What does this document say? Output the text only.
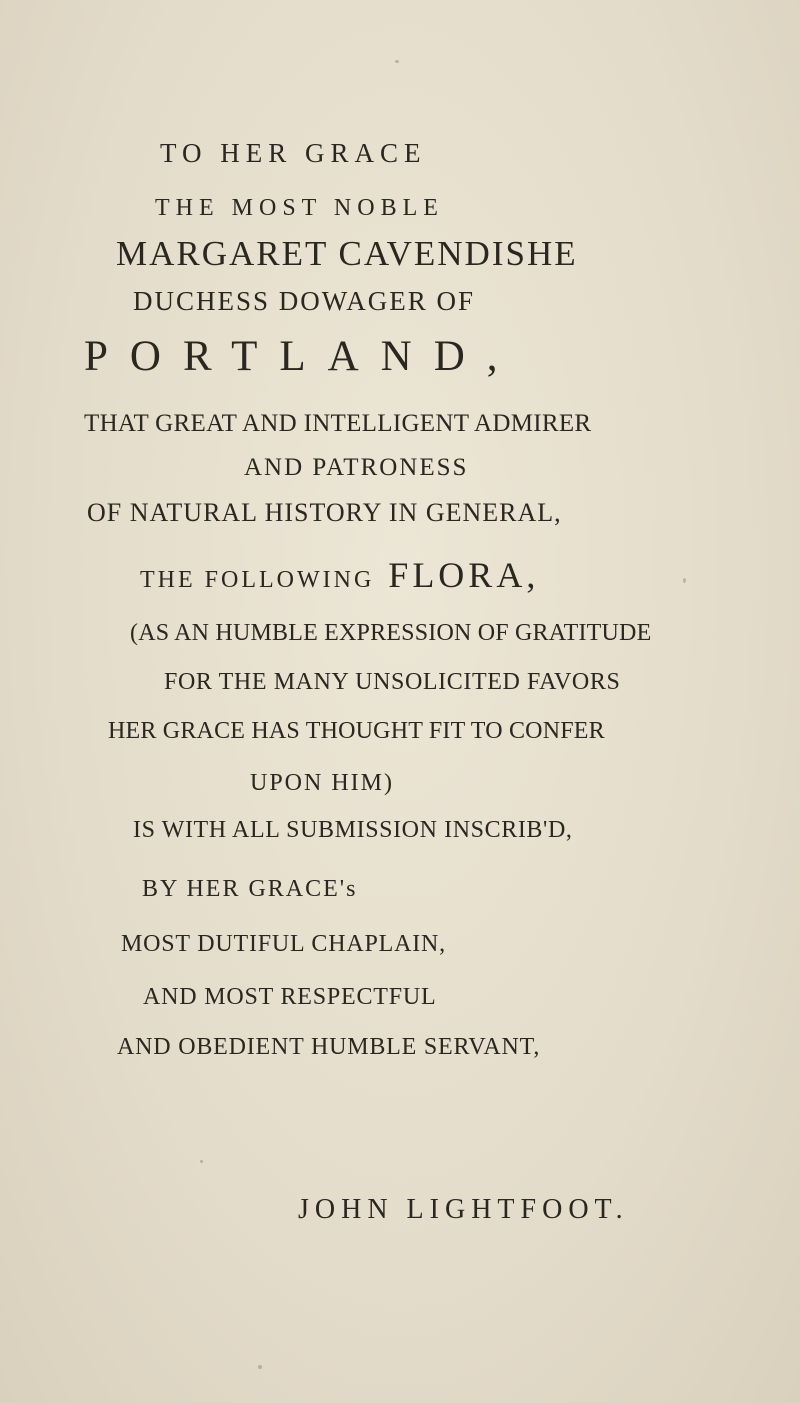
TO HER GRACE
THE MOST NOBLE
MARGARET CAVENDISHE
DUCHESS DOWAGER OF
PORTLAND,
THAT GREAT AND INTELLIGENT ADMIRER
AND PATRONESS
OF NATURAL HISTORY IN GENERAL,
THE FOLLOWING FLORA,
(AS AN HUMBLE EXPRESSION OF GRATITUDE
FOR THE MANY UNSOLICITED FAVORS
HER GRACE HAS THOUGHT FIT TO CONFER
UPON HIM)
IS WITH ALL SUBMISSION INSCRIB'D,
BY HER GRACE's
MOST DUTIFUL CHAPLAIN,
AND MOST RESPECTFUL
AND OBEDIENT HUMBLE SERVANT,
JOHN LIGHTFOOT.
